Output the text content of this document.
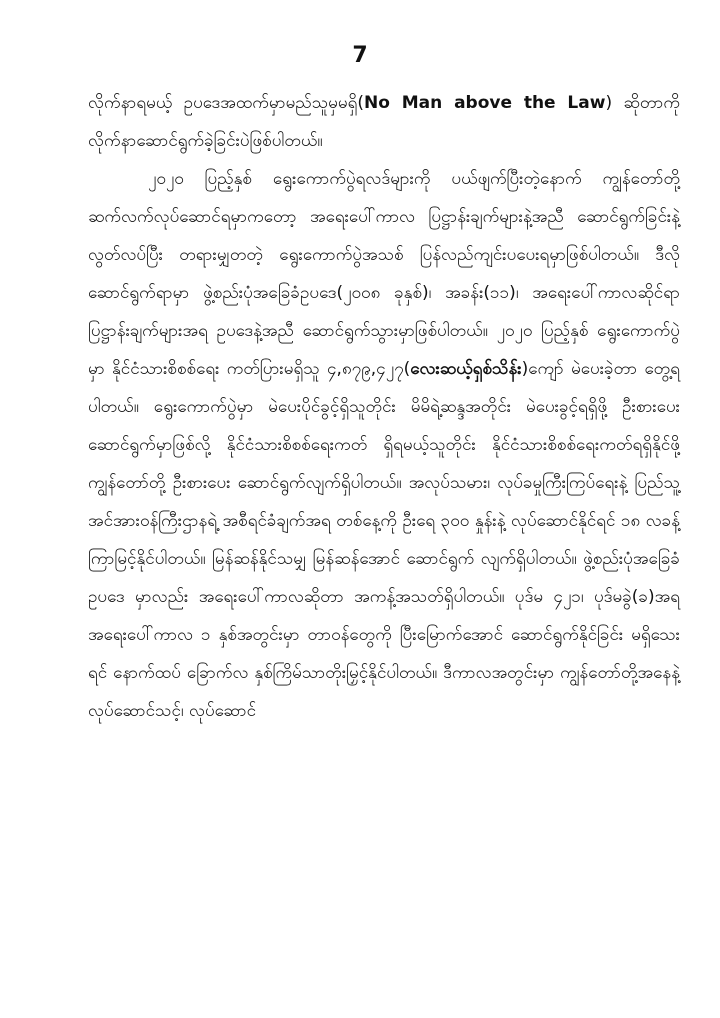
7

လိုက်နာရမယ့် ဥပဒေအထက်မှာမည်သူမှမရှိ(No Man above the Law) ဆိုတာကို လိုက်နာဆောင်ရွက်ခဲ့ခြင်းပဲဖြစ်ပါတယ်။

၂၀၂၀ ပြည့်နှစ် ရွေးကောက်ပွဲရလဒ်များကို ပယ်ဖျက်ပြီးတဲ့နောက် ကျွန်တော်တို့ ဆက်လက်လုပ်ဆောင်ရမှာကတော့ အရေးပေါ်ကာလ ပြဋ္ဌာန်းချက်များနဲ့အညီ ဆောင်ရွက်ခြင်းနဲ့ လွတ်လပ်ပြီး တရားမျှတတဲ့ ရွေးကောက်ပွဲအသစ် ပြန်လည်ကျင်းပပေးရမှာဖြစ်ပါတယ်။ ဒီလို ဆောင်ရွက်ရာမှာ ဖွဲ့စည်းပုံအခြေခံဥပဒေ(၂၀၀၈ ခုနှစ်)၊ အခန်း(၁၁)၊ အရေးပေါ်ကာလဆိုင်ရာပြဋ္ဌာန်းချက်များအရ ဥပဒေနဲ့အညီ ဆောင်ရွက်သွားမှာဖြစ်ပါတယ်။ ၂၀၂၀ ပြည့်နှစ် ရွေးကောက်ပွဲမှာ နိုင်ငံသားစိစစ်ရေး ကတ်ပြားမရှိသူ ၄,၈၇၉,၄၂၇(လေးဆယ့်ရှစ်သိန်း)ကျော် မဲပေးခဲ့တာ တွေ့ရပါတယ်။ ရွေးကောက်ပွဲမှာ မဲပေးပိုင်ခွင့်ရှိသူတိုင်း မိမိရဲ့ဆန္ဒအတိုင်း မဲပေးခွင့်ရရှိဖို့ ဦးစားပေးဆောင်ရွက်မှာဖြစ်လို့ နိုင်ငံသားစိစစ်ရေးကတ် ရှိရမယ့်သူတိုင်း နိုင်ငံသားစိစစ်ရေးကတ်ရရှိနိုင်ဖို့ ကျွန်တော်တို့ ဦးစားပေး ဆောင်ရွက်လျက်ရှိပါတယ်။ အလုပ်သမား၊ လုပ်ခမှုကြီးကြပ်ရေးနဲ့ ပြည်သူ့အင်အားဝန်ကြီးဌာနရဲ့ အစီရင်ခံချက်အရ တစ်နေ့ကို ဦးရေ ၃၀၀ နှုန်းနဲ့ လုပ်ဆောင်နိုင်ရင် ၁၈ လခန့် ကြာမြင့်နိုင်ပါတယ်။ မြန်ဆန်နိုင်သမျှ မြန်ဆန်အောင် ဆောင်ရွက် လျက်ရှိပါတယ်။ ဖွဲ့စည်းပုံအခြေခံဥပဒေ မှာလည်း အရေးပေါ်ကာလဆိုတာ အကန့်အသတ်ရှိပါတယ်။ ပုဒ်မ ၄၂၁၊ ပုဒ်မခွဲ(ခ)အရ အရေးပေါ်ကာလ ၁ နှစ်အတွင်းမှာ တာဝန်တွေကို ပြီးမြောက်အောင် ဆောင်ရွက်နိုင်ခြင်း မရှိသေးရင် နောက်ထပ် ခြောက်လ နှစ်ကြိမ်သာတိုးမြှင့်နိုင်ပါတယ်။ ဒီကာလအတွင်းမှာ ကျွန်တော်တို့အနေနဲ့ လုပ်ဆောင်သင့်၊ လုပ်ဆောင်
